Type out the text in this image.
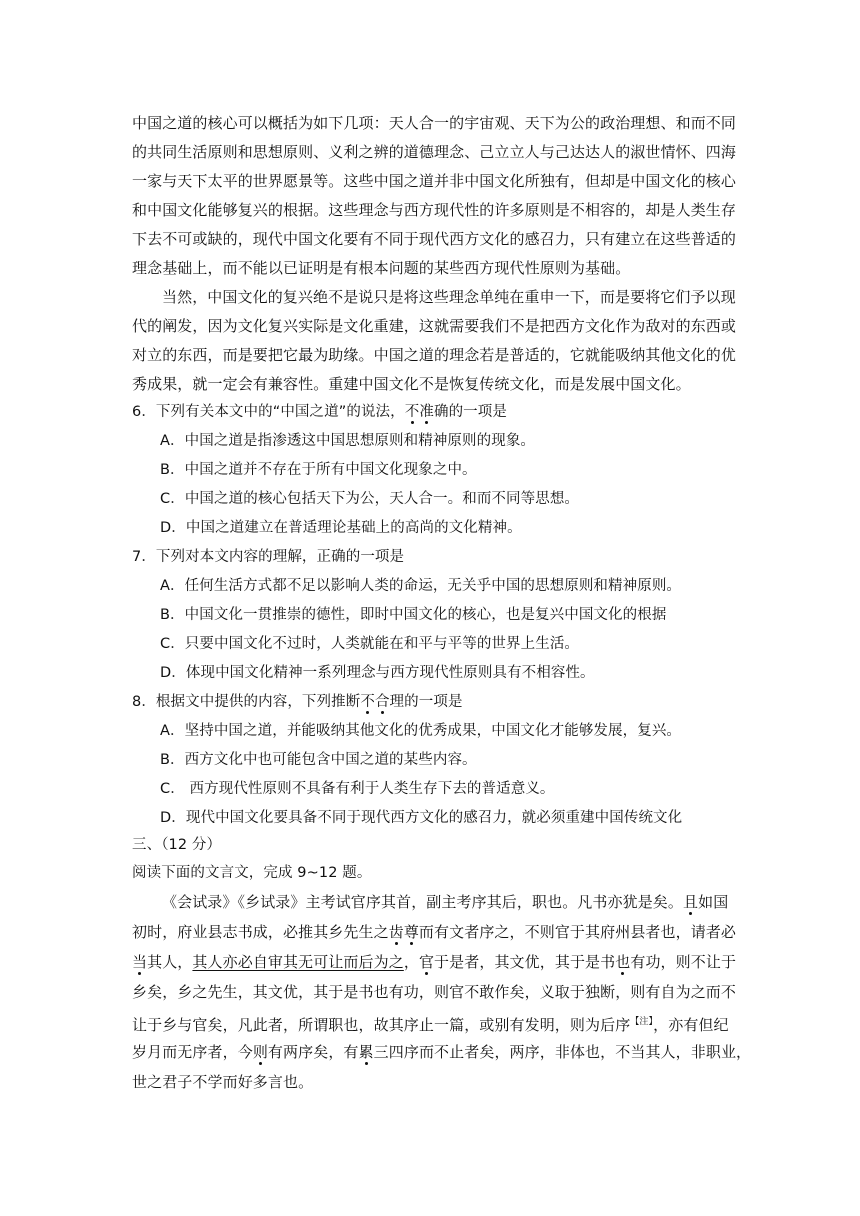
中国之道的核心可以概括为如下几项：天人合一的宇宙观、天下为公的政治理想、和而不同
的共同生活原则和思想原则、义利之辨的道德理念、己立立人与己达达人的淑世情怀、四海
一家与天下太平的世界愿景等。这些中国之道并非中国文化所独有，但却是中国文化的核心
和中国文化能够复兴的根据。这些理念与西方现代性的许多原则是不相容的，却是人类生存
下去不可或缺的，现代中国文化要有不同于现代西方文化的感召力，只有建立在这些普适的
理念基础上，而不能以已证明是有根本问题的某些西方现代性原则为基础。
当然，中国文化的复兴绝不是说只是将这些理念单纯在重申一下，而是要将它们予以现
代的阐发，因为文化复兴实际是文化重建，这就需要我们不是把西方文化作为敌对的东西或
对立的东西，而是要把它最为助缘。中国之道的理念若是普适的，它就能吸纳其他文化的优
秀成果，就一定会有兼容性。重建中国文化不是恢复传统文化，而是发展中国文化。
6．下列有关本文中的“中国之道”的说法，不准确的一项是
A．中国之道是指渗透这中国思想原则和精神原则的现象。
B．中国之道并不存在于所有中国文化现象之中。
C．中国之道的核心包括天下为公，天人合一。和而不同等思想。
D．中国之道建立在普适理论基础上的高尚的文化精神。
7．下列对本文内容的理解，正确的一项是
A．任何生活方式都不足以影响人类的命运，无关乎中国的思想原则和精神原则。
B．中国文化一贯推崇的德性，即时中国文化的核心，也是复兴中国文化的根据
C．只要中国文化不过时，人类就能在和平与平等的世界上生活。
D．体现中国文化精神一系列理念与西方现代性原则具有不相容性。
8．根据文中提供的内容，下列推断不合理的一项是
A．坚持中国之道，并能吸纳其他文化的优秀成果，中国文化才能够发展，复兴。
B．西方文化中也可能包含中国之道的某些内容。
C． 西方现代性原则不具备有利于人类生存下去的普适意义。
D．现代中国文化要具备不同于现代西方文化的感召力，就必须重建中国传统文化
三、（12 分）
阅读下面的文言文，完成 9~12 题。
《会试录》《乡试录》主考试官序其首，副主考序其后，职也。凡书亦犹是矣。且如国
初时，府业县志书成，必推其乡先生之齿尊而有文者序之，不则官于其府州县者也，请者必
当其人，其人亦必自审其无可让而后为之，官于是者，其文优，其于是书也有功，则不让于
乡矣，乡之先生，其文优，其于是书也有功，则官不敢作矣，义取于独断，则有自为之而不
让于乡与官矣，凡此者，所谓职也，故其序止一篇，或别有发明，则为后序$^{【注】}$，亦有但纪
岁月而无序者，今则有两序矣，有累三四序而不止者矣，两序，非体也，不当其人，非职业，
世之君子不学而好多言也。
